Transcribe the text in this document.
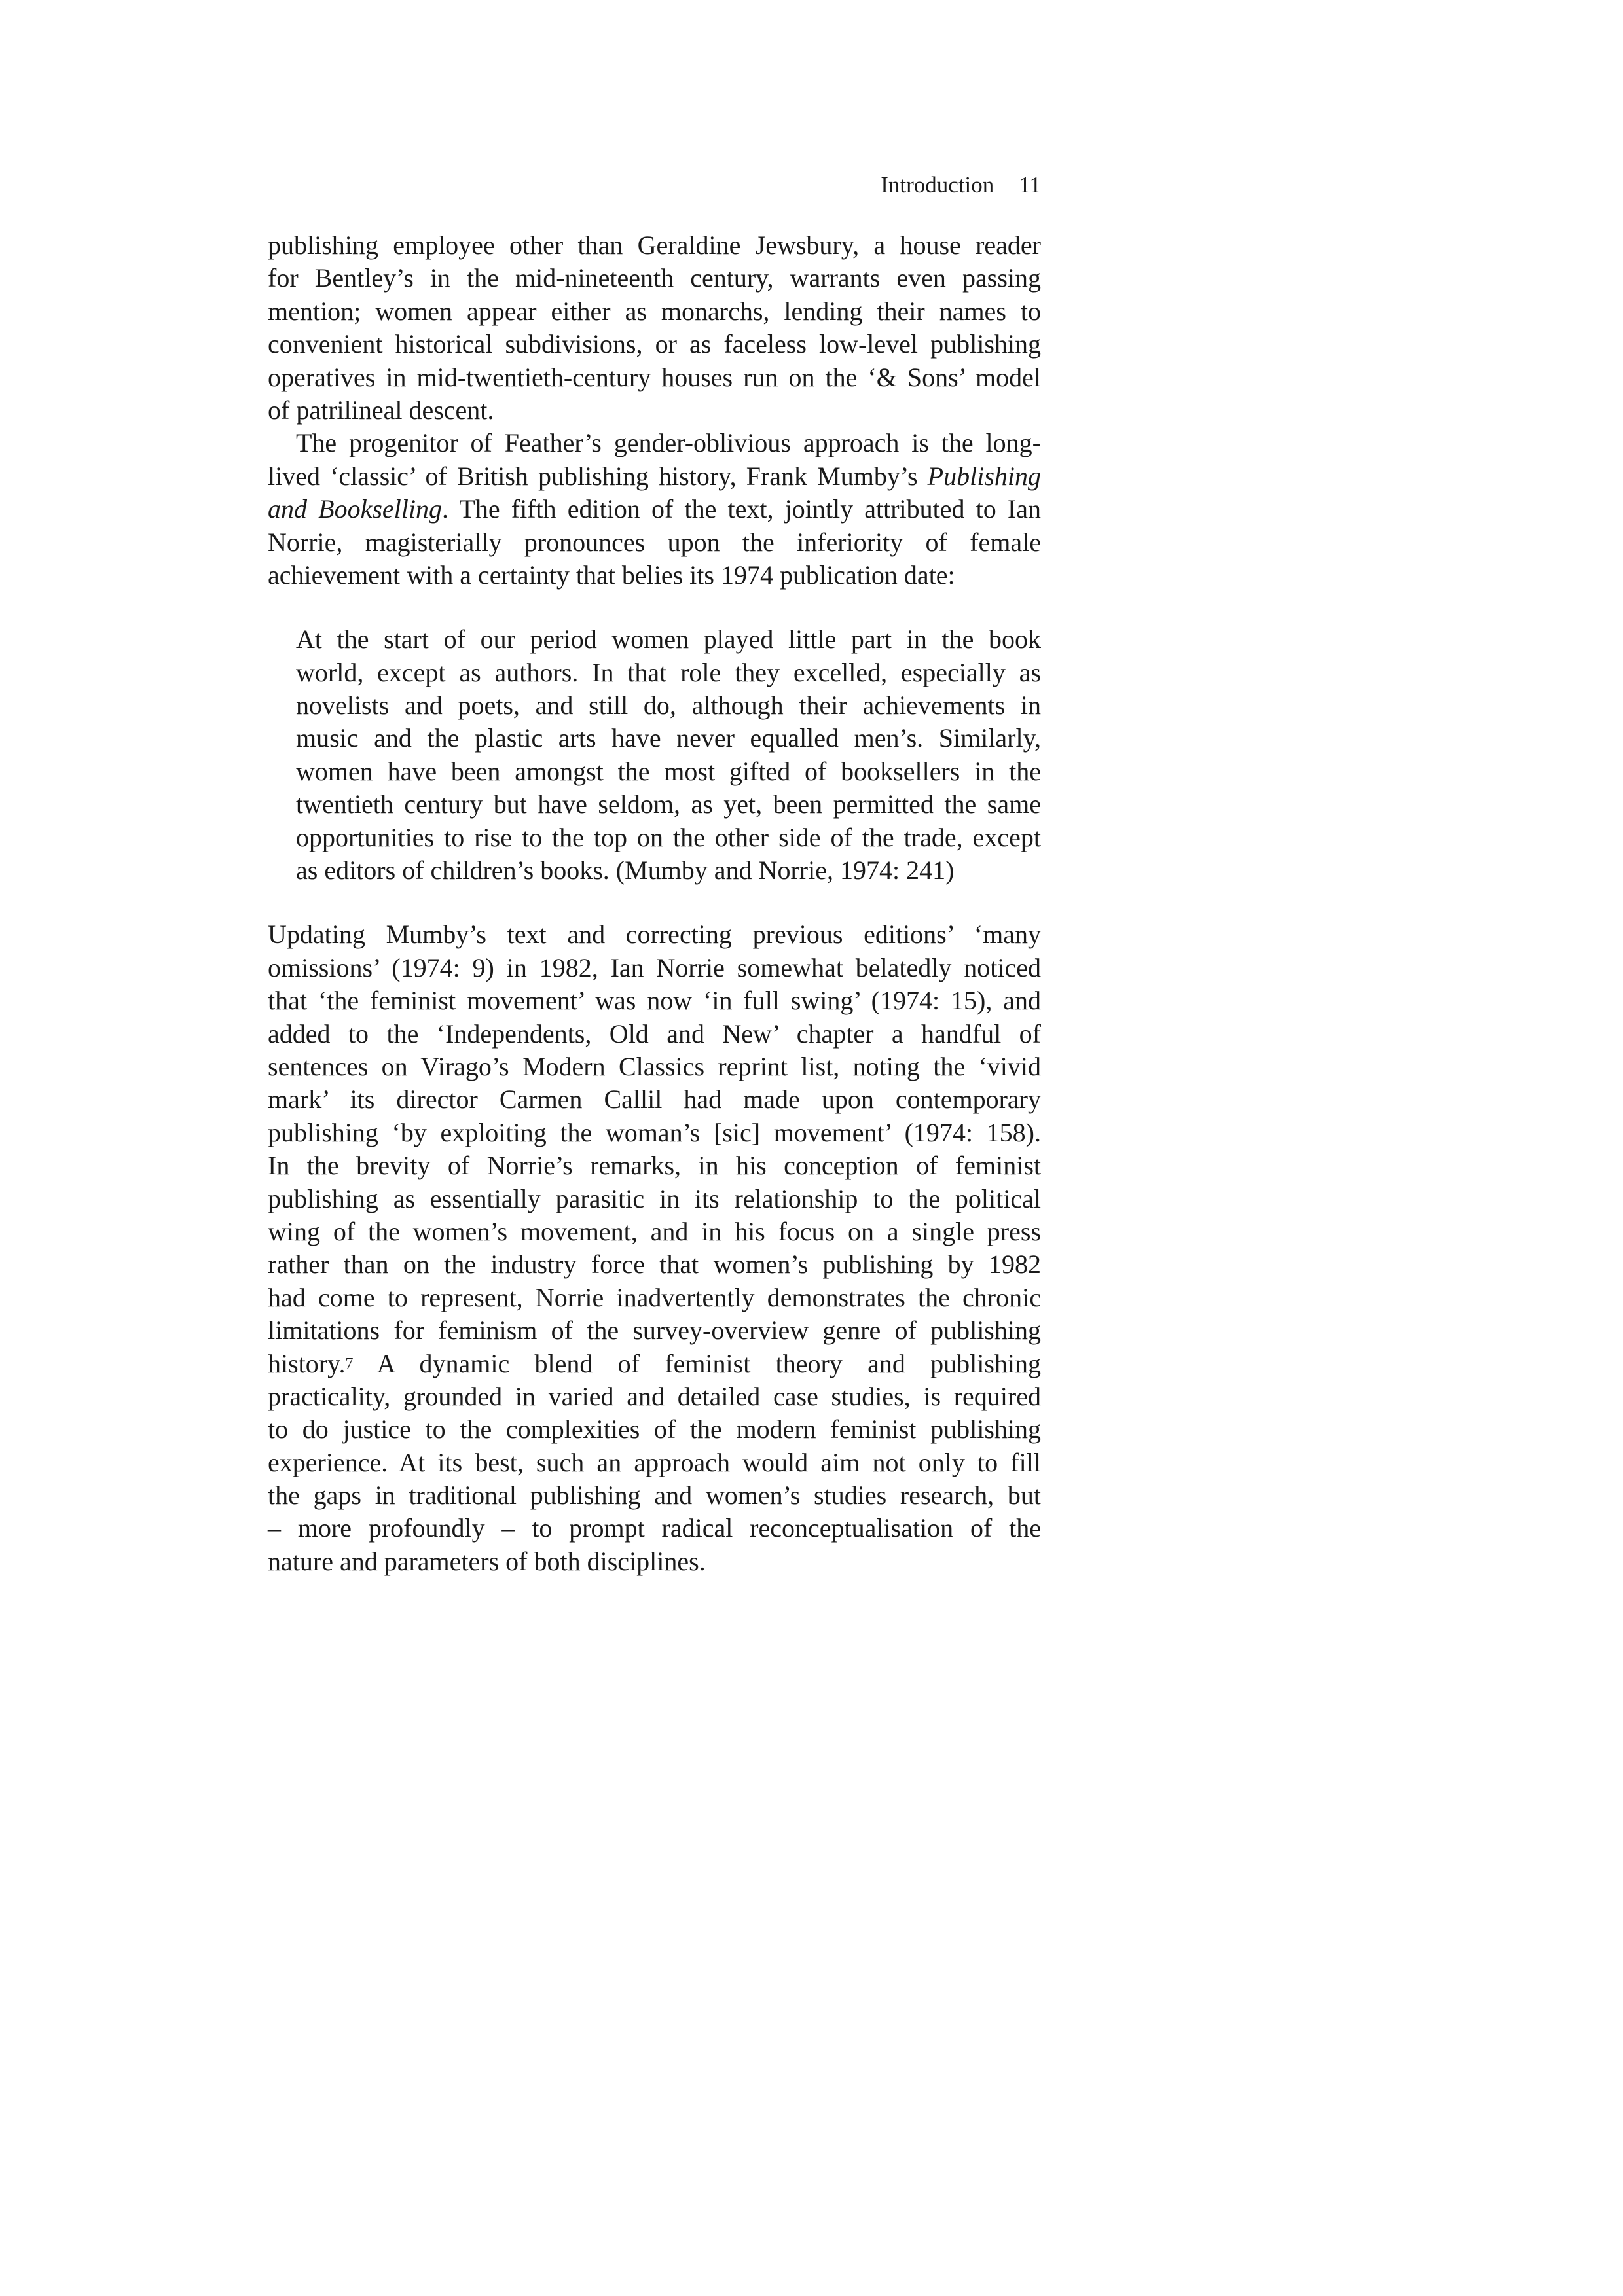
Introduction 11
publishing employee other than Geraldine Jewsbury, a house reader
for Bentley’s in the mid-nineteenth century, warrants even passing
mention; women appear either as monarchs, lending their names to
convenient historical subdivisions, or as faceless low-level publishing
operatives in mid-twentieth-century houses run on the ‘& Sons’ model
of patrilineal descent.
The progenitor of Feather’s gender-oblivious approach is the long-
lived ‘classic’ of British publishing history, Frank Mumby’s Publishing
and Bookselling. The fifth edition of the text, jointly attributed to Ian
Norrie, magisterially pronounces upon the inferiority of female
achievement with a certainty that belies its 1974 publication date:
At the start of our period women played little part in the book
world, except as authors. In that role they excelled, especially as
novelists and poets, and still do, although their achievements in
music and the plastic arts have never equalled men’s. Similarly,
women have been amongst the most gifted of booksellers in the
twentieth century but have seldom, as yet, been permitted the same
opportunities to rise to the top on the other side of the trade, except
as editors of children’s books. (Mumby and Norrie, 1974: 241)
Updating Mumby’s text and correcting previous editions’ ‘many
omissions’ (1974: 9) in 1982, Ian Norrie somewhat belatedly noticed
that ‘the feminist movement’ was now ‘in full swing’ (1974: 15), and
added to the ‘Independents, Old and New’ chapter a handful of
sentences on Virago’s Modern Classics reprint list, noting the ‘vivid
mark’ its director Carmen Callil had made upon contemporary
publishing ‘by exploiting the woman’s [sic] movement’ (1974: 158).
In the brevity of Norrie’s remarks, in his conception of feminist
publishing as essentially parasitic in its relationship to the political
wing of the women’s movement, and in his focus on a single press
rather than on the industry force that women’s publishing by 1982
had come to represent, Norrie inadvertently demonstrates the chronic
limitations for feminism of the survey-overview genre of publishing
history.$^7$ A dynamic blend of feminist theory and publishing
practicality, grounded in varied and detailed case studies, is required
to do justice to the complexities of the modern feminist publishing
experience. At its best, such an approach would aim not only to fill
the gaps in traditional publishing and women’s studies research, but
– more profoundly – to prompt radical reconceptualisation of the
nature and parameters of both disciplines.
